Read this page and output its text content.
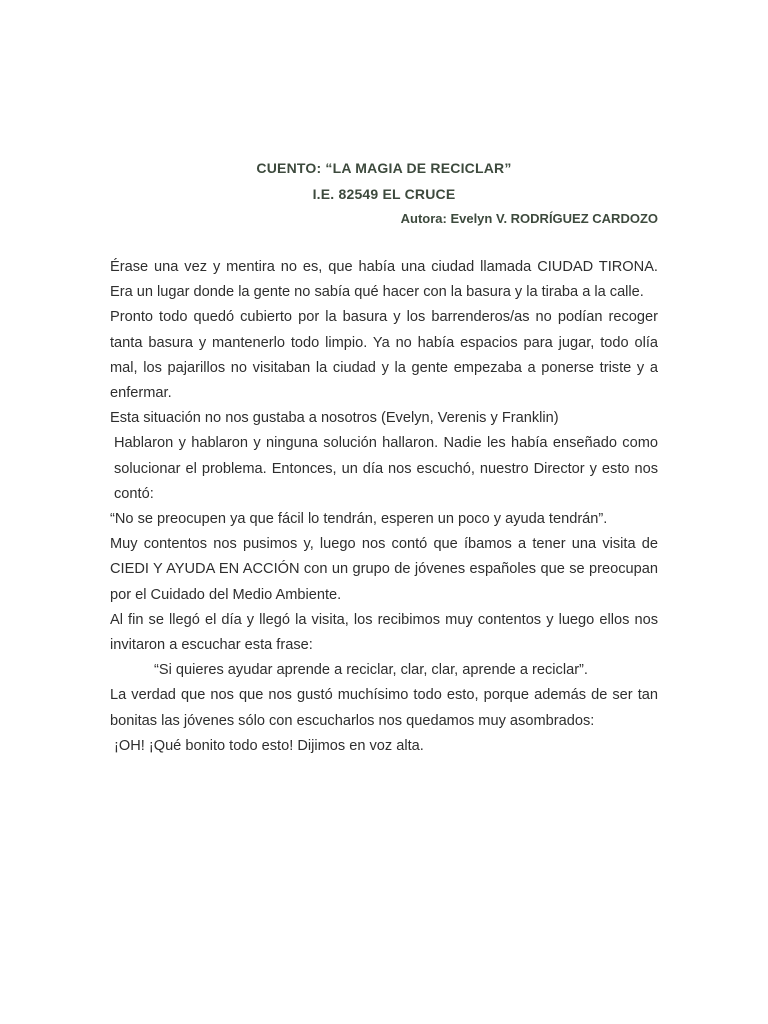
CUENTO: “LA MAGIA DE RECICLAR”
I.E. 82549 EL CRUCE
Autora: Evelyn V. RODRÍGUEZ CARDOZO

Érase una vez y mentira no es, que había una ciudad llamada CIUDAD TIRONA. Era un lugar donde la gente no sabía qué hacer con la basura y la tiraba a la calle.

Pronto todo quedó cubierto por la basura y los barrenderos/as no podían recoger tanta basura y mantenerlo todo limpio. Ya no había espacios para jugar, todo olía mal, los pajarillos no visitaban la ciudad y la gente empezaba a ponerse triste y a enfermar.

Esta situación no nos gustaba a nosotros (Evelyn, Verenis y Franklin)

Hablaron y hablaron y ninguna solución hallaron. Nadie les había enseñado como solucionar el problema. Entonces, un día nos escuchó, nuestro Director y esto nos contó:

“No se preocupen ya que fácil lo tendrán, esperen un poco y ayuda tendrán”.

Muy contentos nos pusimos y, luego nos contó que íbamos a tener una visita de CIEDI Y AYUDA EN ACCIÓN con un grupo de jóvenes españoles que se preocupan por el Cuidado del Medio Ambiente.

Al fin se llegó el día y llegó la visita, los recibimos muy contentos y luego ellos nos invitaron a escuchar esta frase:

“Si quieres ayudar aprende a reciclar, clar, clar, aprende a reciclar”.

La verdad que nos que nos gustó muchísimo todo esto, porque además de ser tan bonitas las jóvenes sólo con escucharlos nos quedamos muy asombrados:

¡OH! ¡Qué bonito todo esto! Dijimos en voz alta.
